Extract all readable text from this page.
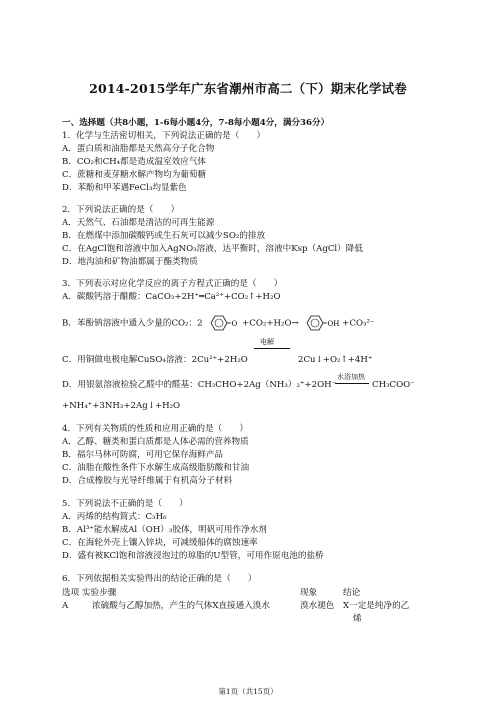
2014-2015学年广东省潮州市高二（下）期末化学试卷
一、选择题（共8小题，1-6每小题4分，7-8每小题4分，满分36分）
1．化学与生活密切相关，下列说法正确的是（　　）
A．蛋白质和油脂都是天然高分子化合物
B．CO₂和CH₄都是造成温室效应气体
C．蔗糖和麦芽糖水解产物均为葡萄糖
D．苯酚和甲苯遇FeCl₃均显紫色
2．下列说法正确的是（　　）
A．天然气、石油都是清洁的可再生能源
B．在燃煤中添加碳酸钙或生石灰可以减少SO₂的排放
C．在AgCl饱和溶液中加入AgNO₃溶液，达平衡时，溶液中Ksp（AgCl）降低
D．地沟油和矿物油都属于酯类物质
3．下列表示对应化学反应的离子方程式正确的是（　　）
A．碳酸钙溶于醋酸：CaCO₃+2H⁺═Ca²⁺+CO₂↑+H₂O
B．苯酚钠溶液中通入少量的CO₂：2	O +CO₂+H₂O→	OH +CO₃²⁻
电解
C．用铜做电极电解CuSO₄溶液：2Cu²⁺+2H₂O	2Cu↓+O₂↑+4H⁺
水浴加热
D．用银氨溶液检验乙醛中的醛基：CH₃CHO+2Ag（NH₃）₂⁺+2OH⁻	CH₃COO⁻
+NH₄⁺+3NH₃+2Ag↓+H₂O
4．下列有关物质的性质和应用正确的是（　　）
A．乙醇、糖类和蛋白质都是人体必需的营养物质
B．福尔马林可防腐，可用它保存海鲜产品
C．油脂在酸性条件下水解生成高级脂肪酸和甘油
D．合成橡胶与光导纤维属于有机高分子材料
5．下列说法不正确的是（　　）
A．丙烯的结构简式：C₃H₆
B．Al³⁺能水解成Al（OH）₃胶体，明矾可用作净水剂
C．在海轮外壳上镶入锌块，可减缓船体的腐蚀速率
D．盛有被KCl饱和溶液浸泡过的琼脂的U型管，可用作原电池的盐桥
6．下列依据相关实验得出的结论正确的是（　　）
选项 实验步骤	现象	结论
A	浓硫酸与乙醇加热，产生的气体X直接通入溴水	溴水褪色 X一定是纯净的乙
烯
第1页（共15页）
